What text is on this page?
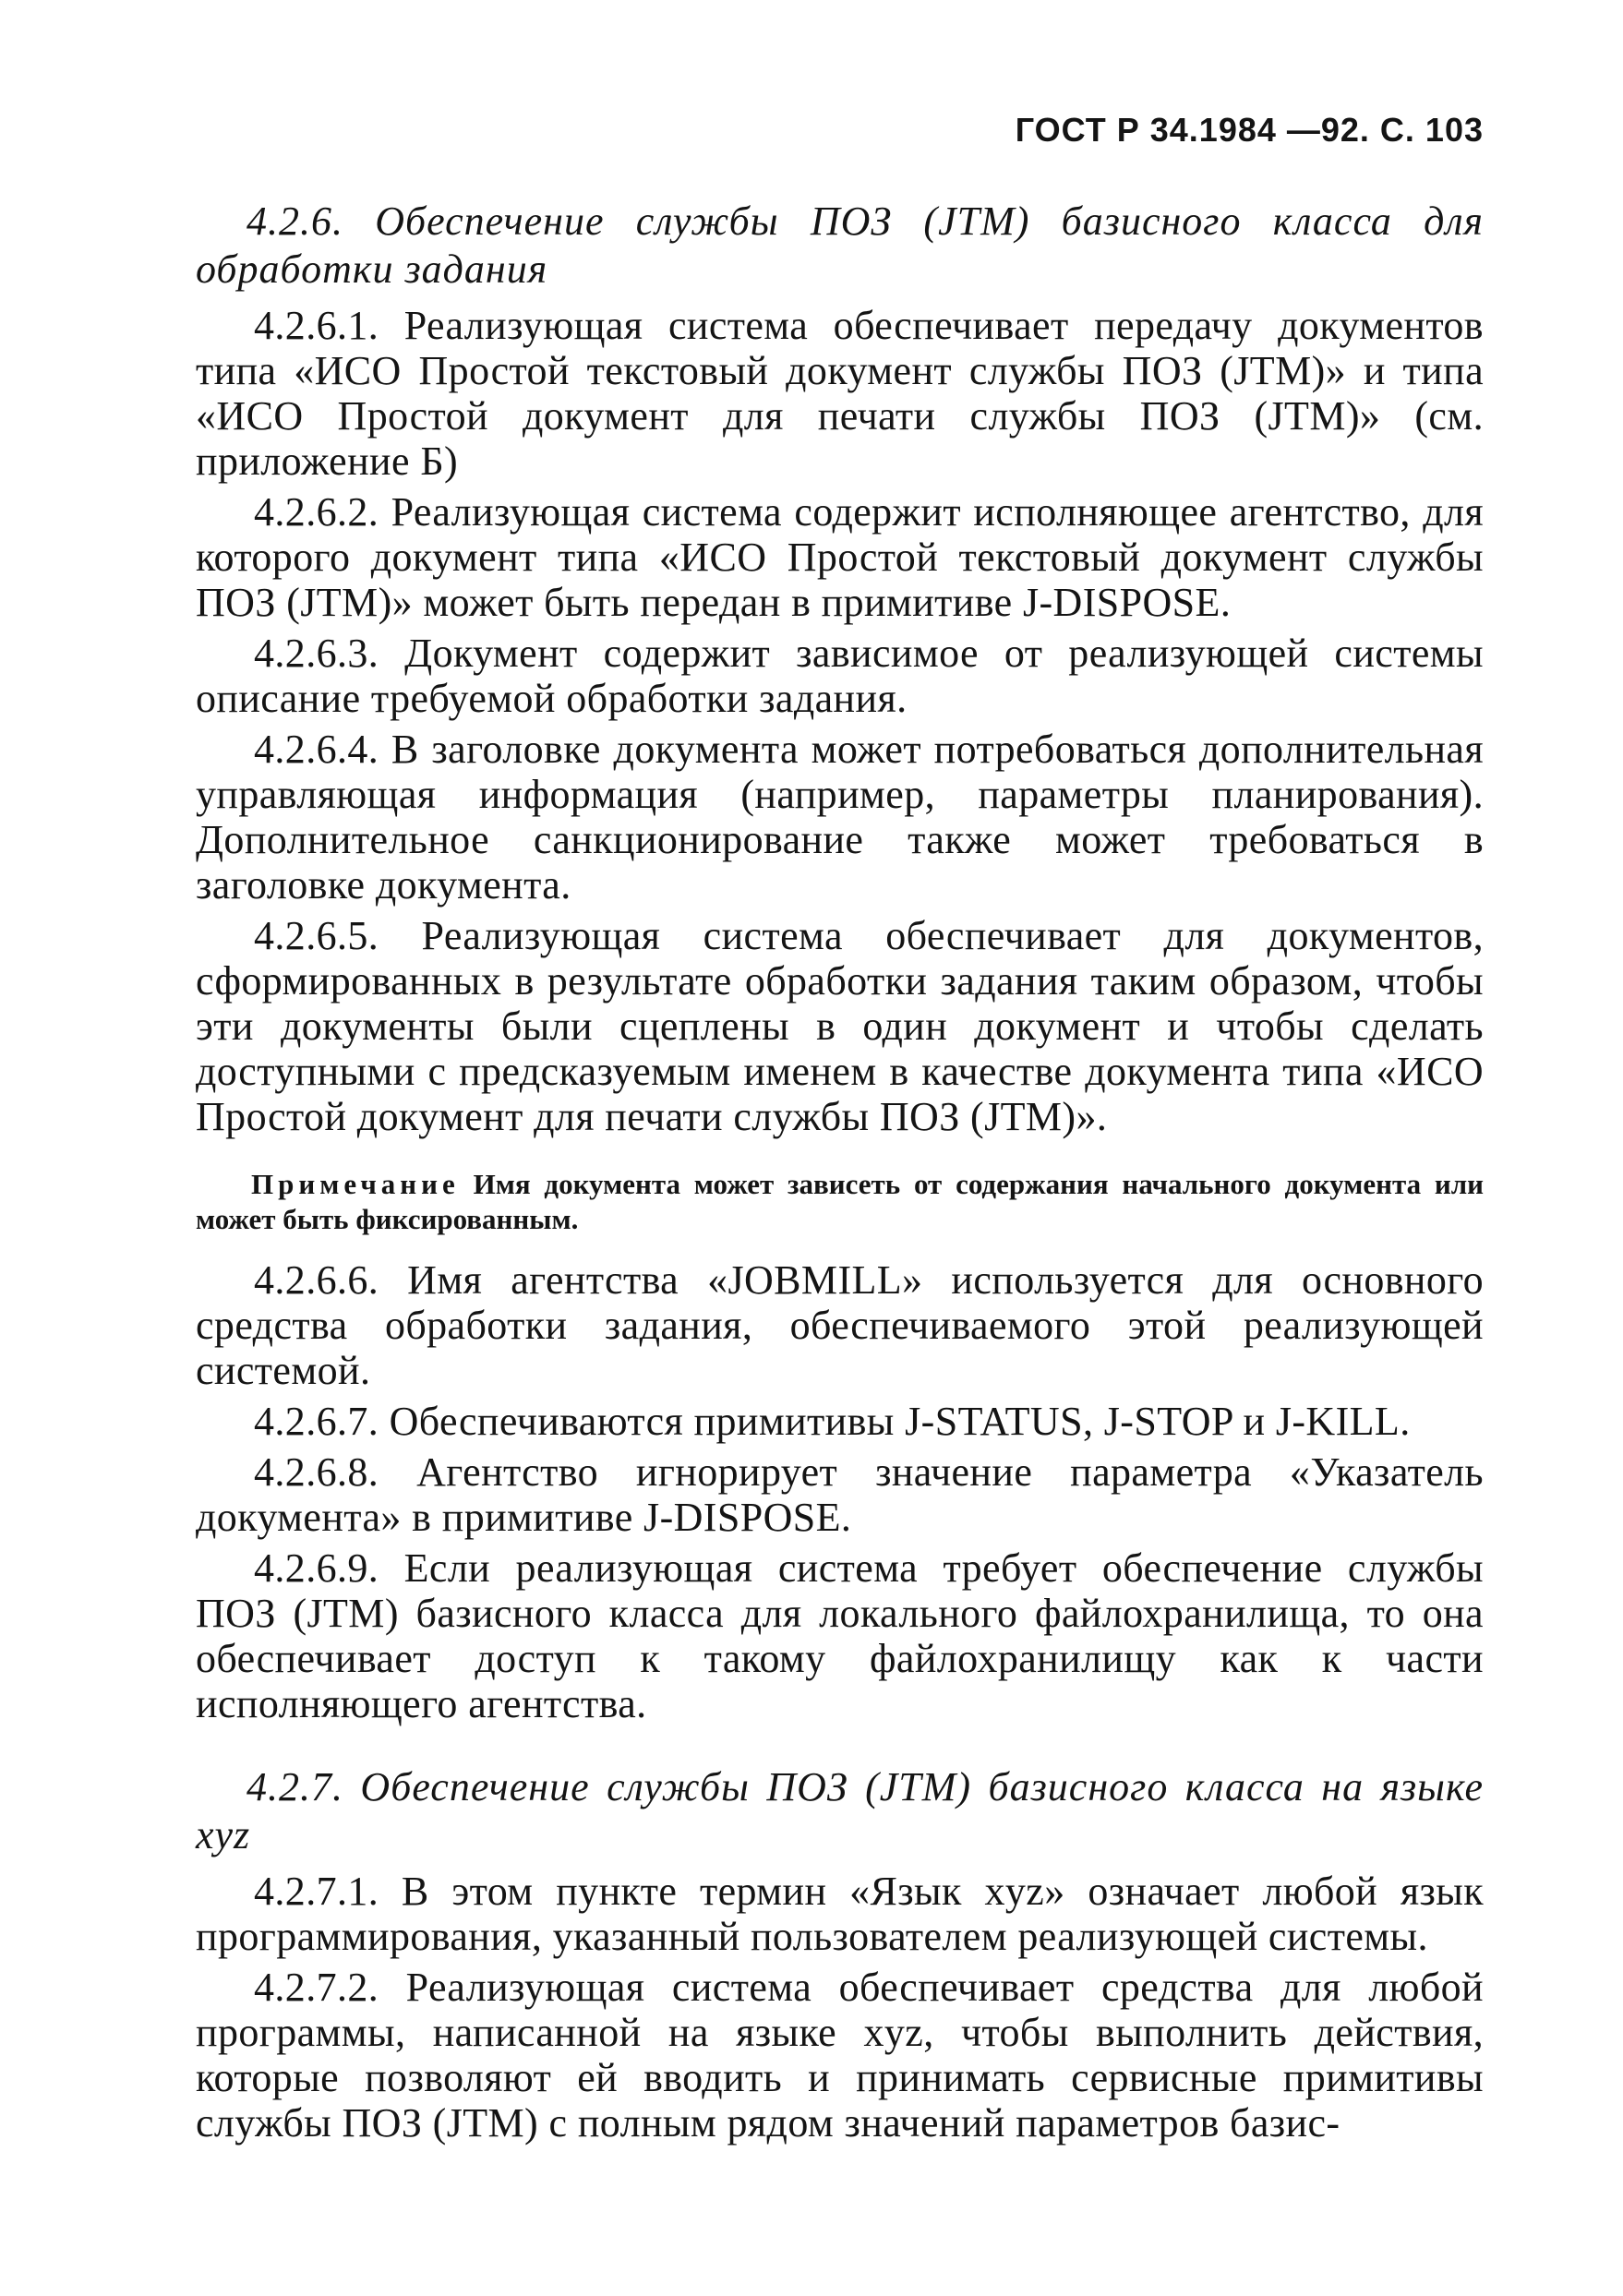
ГОСТ Р 34.1984 —92. С. 103

4.2.6. Обеспечение службы ПОЗ (JTM) базисного класса для обработки задания

4.2.6.1. Реализующая система обеспечивает передачу документов типа «ИСО Простой текстовый документ службы ПОЗ (JTM)» и типа «ИСО Простой документ для печати службы ПОЗ (JTM)» (см. приложение Б)

4.2.6.2. Реализующая система содержит исполняющее агентство, для которого документ типа «ИСО Простой текстовый документ службы ПОЗ (JTM)» может быть передан в примитиве J-DISPOSE.

4.2.6.3. Документ содержит зависимое от реализующей системы описание требуемой обработки задания.

4.2.6.4. В заголовке документа может потребоваться дополнительная управляющая информация (например, параметры планирования). Дополнительное санкционирование также может требоваться в заголовке документа.

4.2.6.5. Реализующая система обеспечивает для документов, сформированных в результате обработки задания таким образом, чтобы эти документы были сцеплены в один документ и чтобы сделать доступными с предсказуемым именем в качестве документа типа «ИСО Простой документ для печати службы ПОЗ (JTM)».

Примечание Имя документа может зависеть от содержания начального документа или может быть фиксированным.

4.2.6.6. Имя агентства «JOBMILL» используется для основного средства обработки задания, обеспечиваемого этой реализующей системой.

4.2.6.7. Обеспечиваются примитивы J-STATUS, J-STOP и J-KILL.

4.2.6.8. Агентство игнорирует значение параметра «Указатель документа» в примитиве J-DISPOSE.

4.2.6.9. Если реализующая система требует обеспечение службы ПОЗ (JTM) базисного класса для локального файлохранилища, то она обеспечивает доступ к такому файлохранилищу как к части исполняющего агентства.

4.2.7. Обеспечение службы ПОЗ (JTM) базисного класса на языке xyz

4.2.7.1. В этом пункте термин «Язык xyz» означает любой язык программирования, указанный пользователем реализующей системы.

4.2.7.2. Реализующая система обеспечивает средства для любой программы, написанной на языке xyz, чтобы выполнить действия, которые позволяют ей вводить и принимать сервисные примитивы службы ПОЗ (JTM) с полным рядом значений параметров базис-
